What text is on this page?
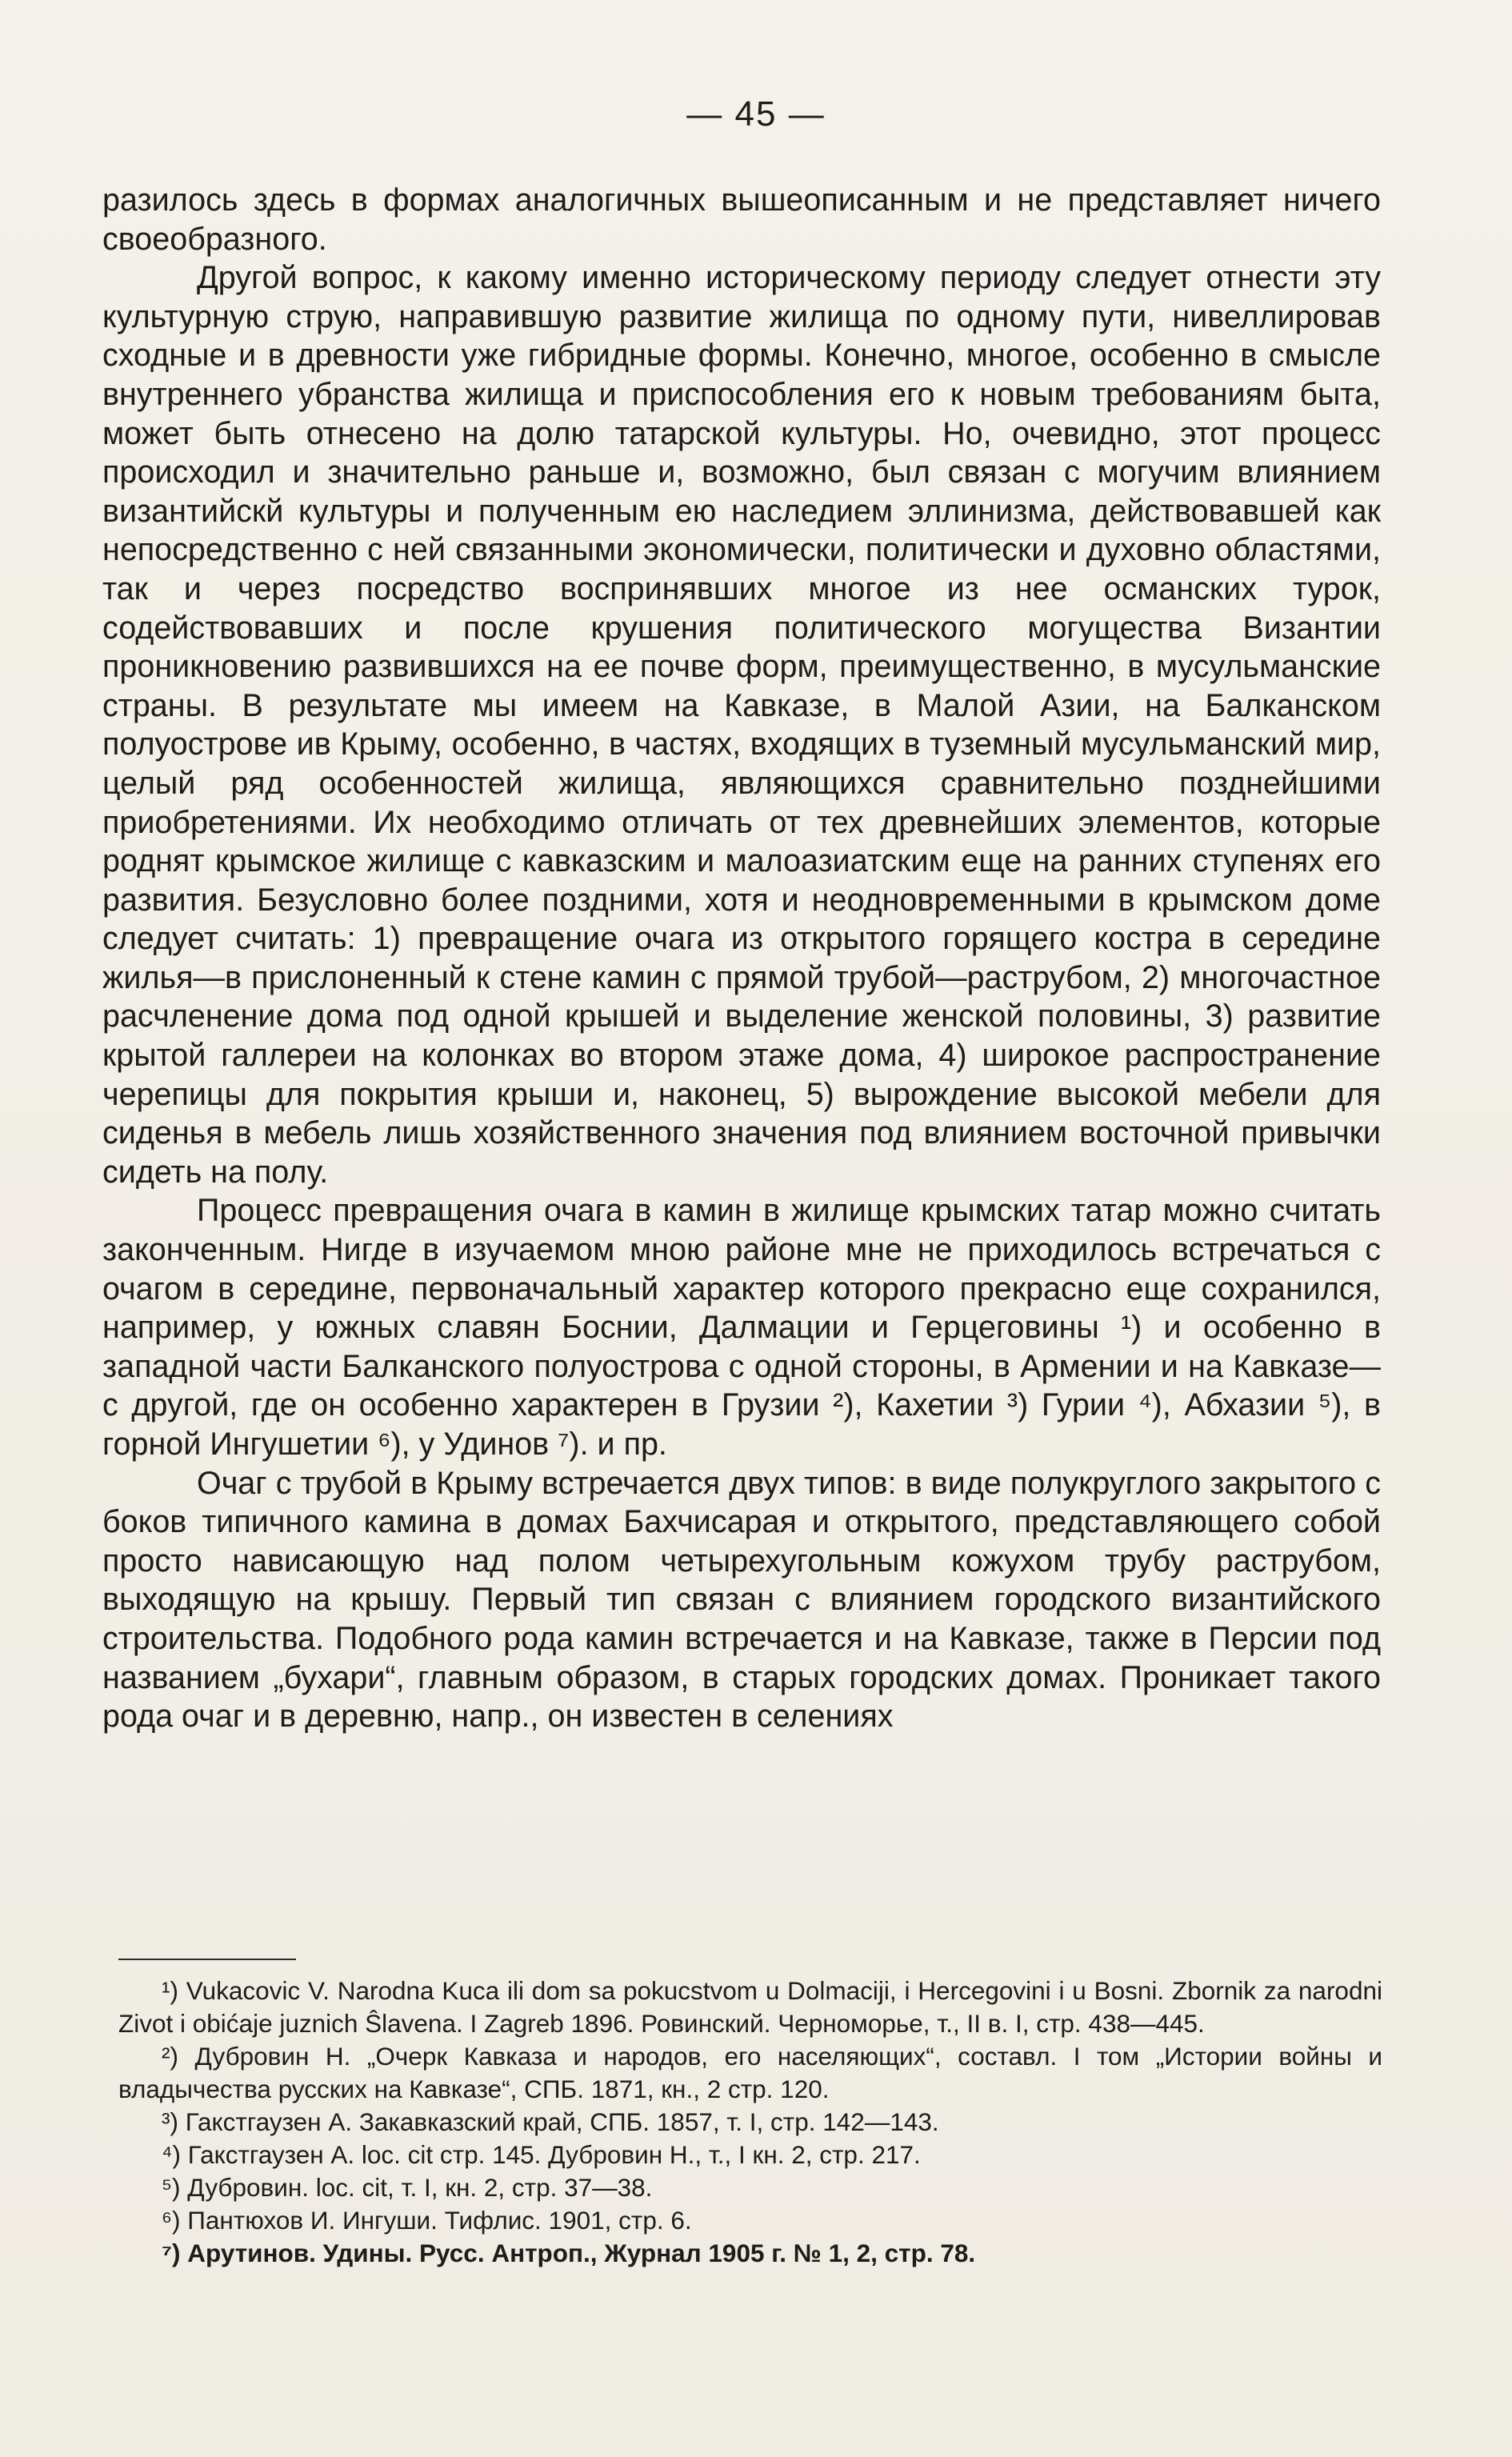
— 45 —

разилось здесь в формах аналогичных вышеописанным и не представляет ничего своеобразного.

Другой вопрос, к какому именно историческому периоду следует отнести эту культурную струю, направившую развитие жилища по одному пути, нивеллировав сходные и в древности уже гибридные формы. Конечно, многое, особенно в смысле внутреннего убранства жилища и приспособления его к новым требованиям быта, может быть отнесено на долю татарской культуры. Но, очевидно, этот процесс происходил и значительно раньше и, возможно, был связан с могучим влиянием византийскй культуры и полученным ею наследием эллинизма, действовавшей как непосредственно с ней связанными экономически, политически и духовно областями, так и через посредство воспринявших многое из нее османских турок, содействовавших и после крушения политического могущества Византии проникновению развившихся на ее почве форм, преимущественно, в мусульманские страны. В результате мы имеем на Кавказе, в Малой Азии, на Балканском полуострове ив Крыму, особенно, в частях, входящих в туземный мусульманский мир, целый ряд особенностей жилища, являющихся сравнительно позднейшими приобретениями. Их необходимо отличать от тех древнейших элементов, которые роднят крымское жилище с кавказским и малоазиатским еще на ранних ступенях его развития. Безусловно более поздними, хотя и неодновременными в крымском доме следует считать: 1) превращение очага из открытого горящего костра в середине жилья—в прислоненный к стене камин с прямой трубой—раструбом, 2) многочастное расчленение дома под одной крышей и выделение женской половины, 3) развитие крытой галлереи на колонках во втором этаже дома, 4) широкое распространение черепицы для покрытия крыши и, наконец, 5) вырождение высокой мебели для сиденья в мебель лишь хозяйственного значения под влиянием восточной привычки сидеть на полу.

Процесс превращения очага в камин в жилище крымских татар можно считать законченным. Нигде в изучаемом мною районе мне не приходилось встречаться с очагом в середине, первоначальный характер которого прекрасно еще сохранился, например, у южных славян Боснии, Далмации и Герцеговины ¹) и особенно в западной части Балканского полуострова с одной стороны, в Армении и на Кавказе—с другой, где он особенно характерен в Грузии ²), Кахетии ³) Гурии ⁴), Абхазии ⁵), в горной Ингушетии ⁶), у Удинов ⁷). и пр.

Очаг с трубой в Крыму встречается двух типов: в виде полукруглого закрытого с боков типичного камина в домах Бахчисарая и открытого, представляющего собой просто нависающую над полом четырехугольным кожухом трубу раструбом, выходящую на крышу. Первый тип связан с влиянием городского византийского строительства. Подобного рода камин встречается и на Кавказе, также в Персии под названием „бухари“, главным образом, в старых городских домах. Проникает такого рода очаг и в деревню, напр., он известен в селениях

¹) Vukacovic V. Narodna Kuca ili dom sa pokucstvom u Dolmaciji, i Hercegovini i u Bosni. Zbornik za narodni Zivot i obićaje juznich Ŝlavena. I Zagreb 1896. Ровинский. Черноморье, т., II в. I, стр. 438—445.

²) Дубровин Н. „Очерк Кавказа и народов, его населяющих“, составл. I том „Истории войны и владычества русских на Кавказе“, СПБ. 1871, кн., 2 стр. 120.

³) Гакстгаузен А. Закавказский край, СПБ. 1857, т. I, стр. 142—143.

⁴) Гакстгаузен А. loc. cit стр. 145. Дубровин Н., т., I кн. 2, стр. 217.

⁵) Дубровин. loc. cit, т. I, кн. 2, стр. 37—38.

⁶) Пантюхов И. Ингуши. Тифлис. 1901, стр. 6.

⁷) Арутинов. Удины. Русс. Антроп., Журнал 1905 г. № 1, 2, стр. 78.
